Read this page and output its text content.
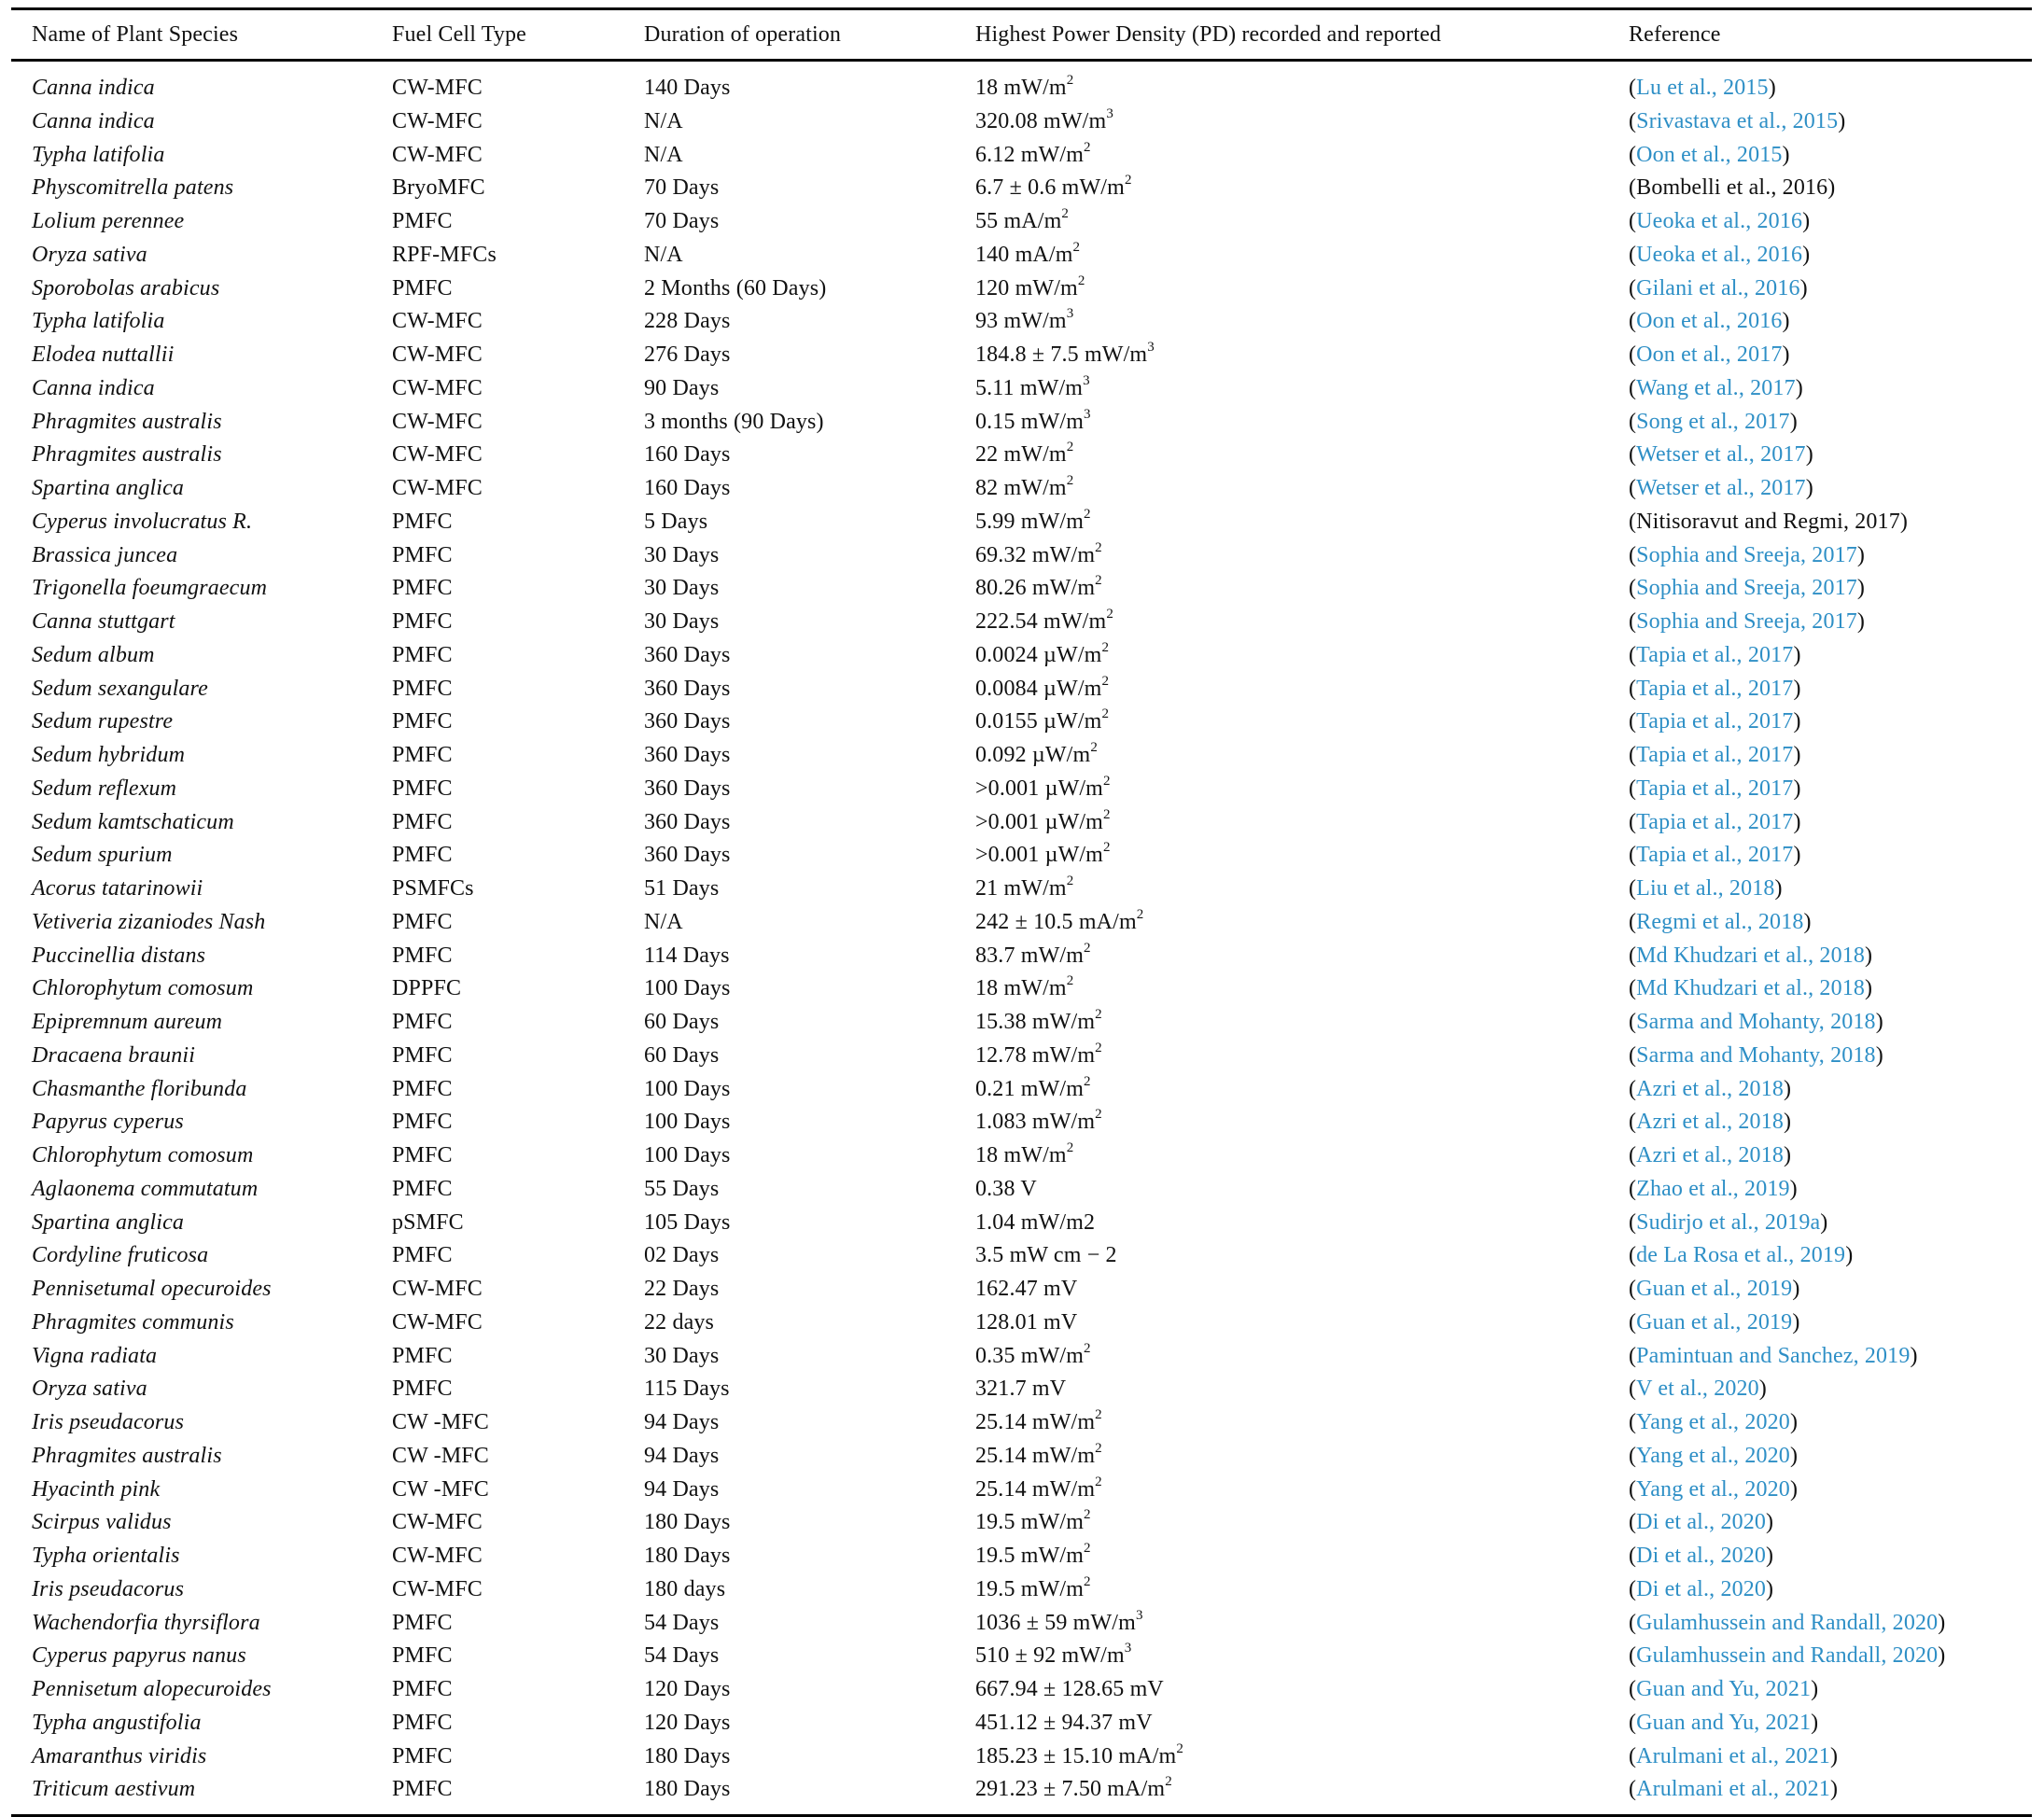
Name of Plant Species	Fuel Cell Type	Duration of operation	Highest Power Density (PD) recorded and reported	Reference
Canna indica	CW-MFC	140 Days	18 $mW/m^2$	(Lu et al., 2015)
Canna indica	CW-MFC	N/A	320.08 $mW/m^3$	(Srivastava et al., 2015)
Typha latifolia	CW-MFC	N/A	6.12 $mW/m^2$	(Oon et al., 2015)
Physcomitrella patens	BryoMFC	70 Days	6.7 ± 0.6 $mW/m^2$	(Bombelli et al., 2016)
Lolium perennee	PMFC	70 Days	55 $mA/m^2$	(Ueoka et al., 2016)
Oryza sativa	RPF-MFCs	N/A	140 $mA/m^2$	(Ueoka et al., 2016)
Sporobolas arabicus	PMFC	2 Months (60 Days)	120 $mW/m^2$	(Gilani et al., 2016)
Typha latifolia	CW-MFC	228 Days	93 $mW/m^3$	(Oon et al., 2016)
Elodea nuttallii	CW-MFC	276 Days	184.8 ± 7.5 $mW/m^3$	(Oon et al., 2017)
Canna indica	CW-MFC	90 Days	5.11 $mW/m^3$	(Wang et al., 2017)
Phragmites australis	CW-MFC	3 months (90 Days)	0.15 $mW/m^3$	(Song et al., 2017)
Phragmites australis	CW-MFC	160 Days	22 $mW/m^2$	(Wetser et al., 2017)
Spartina anglica	CW-MFC	160 Days	82 $mW/m^2$	(Wetser et al., 2017)
Cyperus involucratus R.	PMFC	5 Days	5.99 $mW/m^2$	(Nitisoravut and Regmi, 2017)
Brassica juncea	PMFC	30 Days	69.32 $mW/m^2$	(Sophia and Sreeja, 2017)
Trigonella foeumgraecum	PMFC	30 Days	80.26 $mW/m^2$	(Sophia and Sreeja, 2017)
Canna stuttgart	PMFC	30 Days	222.54 $mW/m^2$	(Sophia and Sreeja, 2017)
Sedum album	PMFC	360 Days	0.0024 $\mu W/m^2$	(Tapia et al., 2017)
Sedum sexangulare	PMFC	360 Days	0.0084 $\mu W/m^2$	(Tapia et al., 2017)
Sedum rupestre	PMFC	360 Days	0.0155 $\mu W/m^2$	(Tapia et al., 2017)
Sedum hybridum	PMFC	360 Days	0.092 $\mu W/m^2$	(Tapia et al., 2017)
Sedum reflexum	PMFC	360 Days	>0.001 $\mu W/m^2$	(Tapia et al., 2017)
Sedum kamtschaticum	PMFC	360 Days	>0.001 $\mu W/m^2$	(Tapia et al., 2017)
Sedum spurium	PMFC	360 Days	>0.001 $\mu W/m^2$	(Tapia et al., 2017)
Acorus tatarinowii	PSMFCs	51 Days	21 $mW/m^2$	(Liu et al., 2018)
Vetiveria zizaniodes Nash	PMFC	N/A	242 ± 10.5 $mA/m^2$	(Regmi et al., 2018)
Puccinellia distans	PMFC	114 Days	83.7 $mW/m^2$	(Md Khudzari et al., 2018)
Chlorophytum comosum	DPPFC	100 Days	18 $mW/m^2$	(Md Khudzari et al., 2018)
Epipremnum aureum	PMFC	60 Days	15.38 $mW/m^2$	(Sarma and Mohanty, 2018)
Dracaena braunii	PMFC	60 Days	12.78 $mW/m^2$	(Sarma and Mohanty, 2018)
Chasmanthe floribunda	PMFC	100 Days	0.21 $mW/m^2$	(Azri et al., 2018)
Papyrus cyperus	PMFC	100 Days	1.083 $mW/m^2$	(Azri et al., 2018)
Chlorophytum comosum	PMFC	100 Days	18 $mW/m^2$	(Azri et al., 2018)
Aglaonema commutatum	PMFC	55 Days	0.38 V	(Zhao et al., 2019)
Spartina anglica	pSMFC	105 Days	1.04 mW/m2	(Sudirjo et al., 2019a)
Cordyline fruticosa	PMFC	02 Days	3.5 mW cm − 2	(de La Rosa et al., 2019)
Pennisetumal opecuroides	CW-MFC	22 Days	162.47 mV	(Guan et al., 2019)
Phragmites communis	CW-MFC	22 days	128.01 mV	(Guan et al., 2019)
Vigna radiata	PMFC	30 Days	0.35 $mW/m^2$	(Pamintuan and Sanchez, 2019)
Oryza sativa	PMFC	115 Days	321.7 mV	(V et al., 2020)
Iris pseudacorus	CW -MFC	94 Days	25.14 $mW/m^2$	(Yang et al., 2020)
Phragmites australis	CW -MFC	94 Days	25.14 $mW/m^2$	(Yang et al., 2020)
Hyacinth pink	CW -MFC	94 Days	25.14 $mW/m^2$	(Yang et al., 2020)
Scirpus validus	CW-MFC	180 Days	19.5 $mW/m^2$	(Di et al., 2020)
Typha orientalis	CW-MFC	180 Days	19.5 $mW/m^2$	(Di et al., 2020)
Iris pseudacorus	CW-MFC	180 days	19.5 $mW/m^2$	(Di et al., 2020)
Wachendorfia thyrsiflora	PMFC	54 Days	1036 ± 59 $mW/m^3$	(Gulamhussein and Randall, 2020)
Cyperus papyrus nanus	PMFC	54 Days	510 ± 92 $mW/m^3$	(Gulamhussein and Randall, 2020)
Pennisetum alopecuroides	PMFC	120 Days	667.94 ± 128.65 mV	(Guan and Yu, 2021)
Typha angustifolia	PMFC	120 Days	451.12 ± 94.37 mV	(Guan and Yu, 2021)
Amaranthus viridis	PMFC	180 Days	185.23 ± 15.10 $mA/m^2$	(Arulmani et al., 2021)
Triticum aestivum	PMFC	180 Days	291.23 ± 7.50 $mA/m^2$	(Arulmani et al., 2021)
